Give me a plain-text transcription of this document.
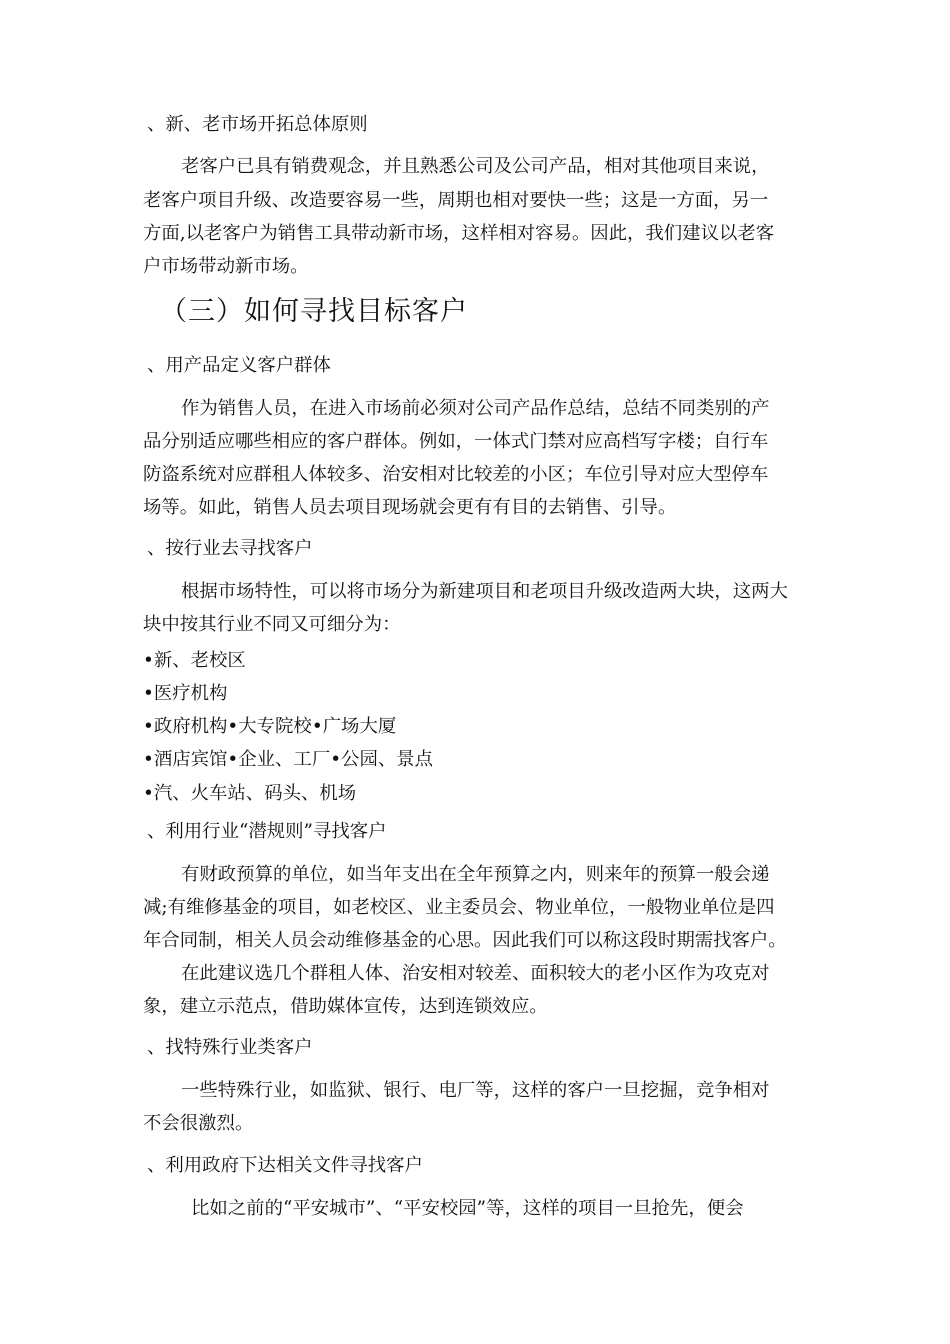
、新、老市场开拓总体原则
老客户已具有销费观念，并且熟悉公司及公司产品，相对其他项目来说，
老客户项目升级、改造要容易一些，周期也相对要快一些；这是一方面，另一
方面,以老客户为销售工具带动新市场，这样相对容易。因此，我们建议以老客
户市场带动新市场。
（三）如何寻找目标客户
、用产品定义客户群体
作为销售人员，在进入市场前必须对公司产品作总结，总结不同类别的产
品分别适应哪些相应的客户群体。例如，一体式门禁对应高档写字楼；自行车
防盗系统对应群租人体较多、治安相对比较差的小区；车位引导对应大型停车
场等。如此，销售人员去项目现场就会更有有目的去销售、引导。
、按行业去寻找客户
根据市场特性，可以将市场分为新建项目和老项目升级改造两大块，这两大
块中按其行业不同又可细分为：
•新、老校区
•医疗机构
•政府机构•大专院校•广场大厦
•酒店宾馆•企业、工厂•公园、景点
•汽、火车站、码头、机场
、利用行业“潜规则”寻找客户
有财政预算的单位，如当年支出在全年预算之内，则来年的预算一般会递
减;有维修基金的项目，如老校区、业主委员会、物业单位，一般物业单位是四
年合同制，相关人员会动维修基金的心思。因此我们可以称这段时期需找客户。
在此建议选几个群租人体、治安相对较差、面积较大的老小区作为攻克对
象，建立示范点，借助媒体宣传，达到连锁效应。
、找特殊行业类客户
一些特殊行业，如监狱、银行、电厂等，这样的客户一旦挖掘，竞争相对
不会很激烈。
、利用政府下达相关文件寻找客户
比如之前的“平安城市”、“平安校园”等，这样的项目一旦抢先，便会
